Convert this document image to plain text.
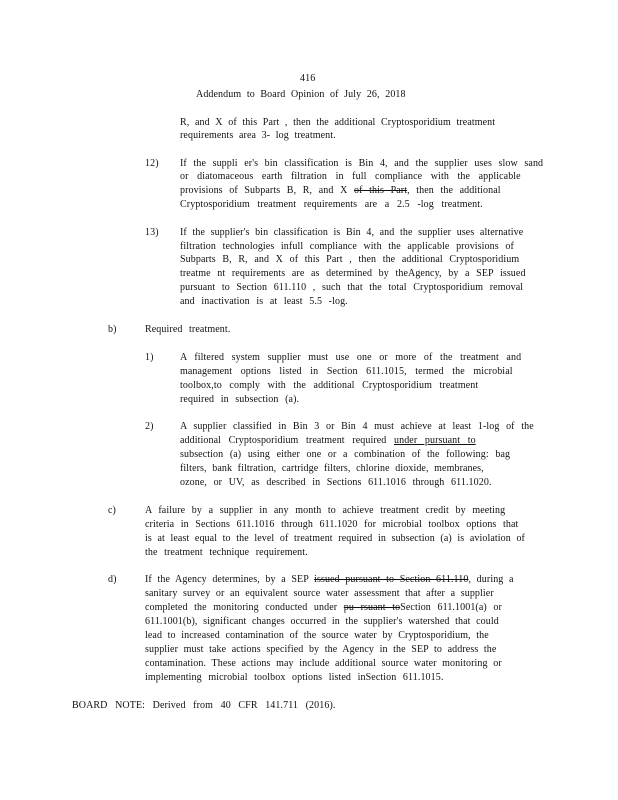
416
Addendum to Board Opinion of July 26, 2018
R, and X of this Part , then the additional Cryptosporidium treatment
requirements area 3- log treatment.
12) If the suppli er's bin classification is Bin 4, and the supplier uses slow sand
or diatomaceous earth filtration in full compliance with the applicable
provisions of Subparts B, R, and X of this Part, then the additional
Cryptosporidium treatment requirements are a 2.5 -log treatment.
13) If the supplier's bin classification is Bin 4, and the supplier uses alternative
filtration technologies infull compliance with the applicable provisions of
Subparts B, R, and X of this Part , then the additional Cryptosporidium
treatme nt requirements are as determined by theAgency, by a SEP issued
pursuant to Section 611.110 , such that the total Cryptosporidium removal
and inactivation is at least 5.5 -log.
b)	Required treatment.
1)	A filtered system supplier must use one or more of the treatment and
management options listed in Section 611.1015, termed the microbial
toolbox,to comply with the additional Cryptosporidium treatment
required in subsection (a).
2)	A supplier classified in Bin 3 or Bin 4 must achieve at least 1-log of the
additional Cryptosporidium treatment required under pursuant to
subsection (a) using either one or a combination of the following: bag
filters, bank filtration, cartridge filters, chlorine dioxide, membranes,
ozone, or UV, as described in Sections 611.1016 through 611.1020.
c)	A failure by a supplier in any month to achieve treatment credit by meeting
criteria in Sections 611.1016 through 611.1020 for microbial toolbox options that
is at least equal to the level of treatment required in subsection (a) is aviolation of
the treatment technique requirement.
d)	If the Agency determines, by a SEP issued pursuant to Section 611.110, during a
sanitary survey or an equivalent source water assessment that after a supplier
completed the monitoring conducted under pu rsuant toSection 611.1001(a) or
611.1001(b), significant changes occurred in the supplier's watershed that could
lead to increased contamination of the source water by Cryptosporidium, the
supplier must take actions specified by the Agency in the SEP to address the
contamination. These actions may include additional source water monitoring or
implementing microbial toolbox options listed inSection 611.1015.
BOARD NOTE: Derived from 40 CFR 141.711 (2016).
